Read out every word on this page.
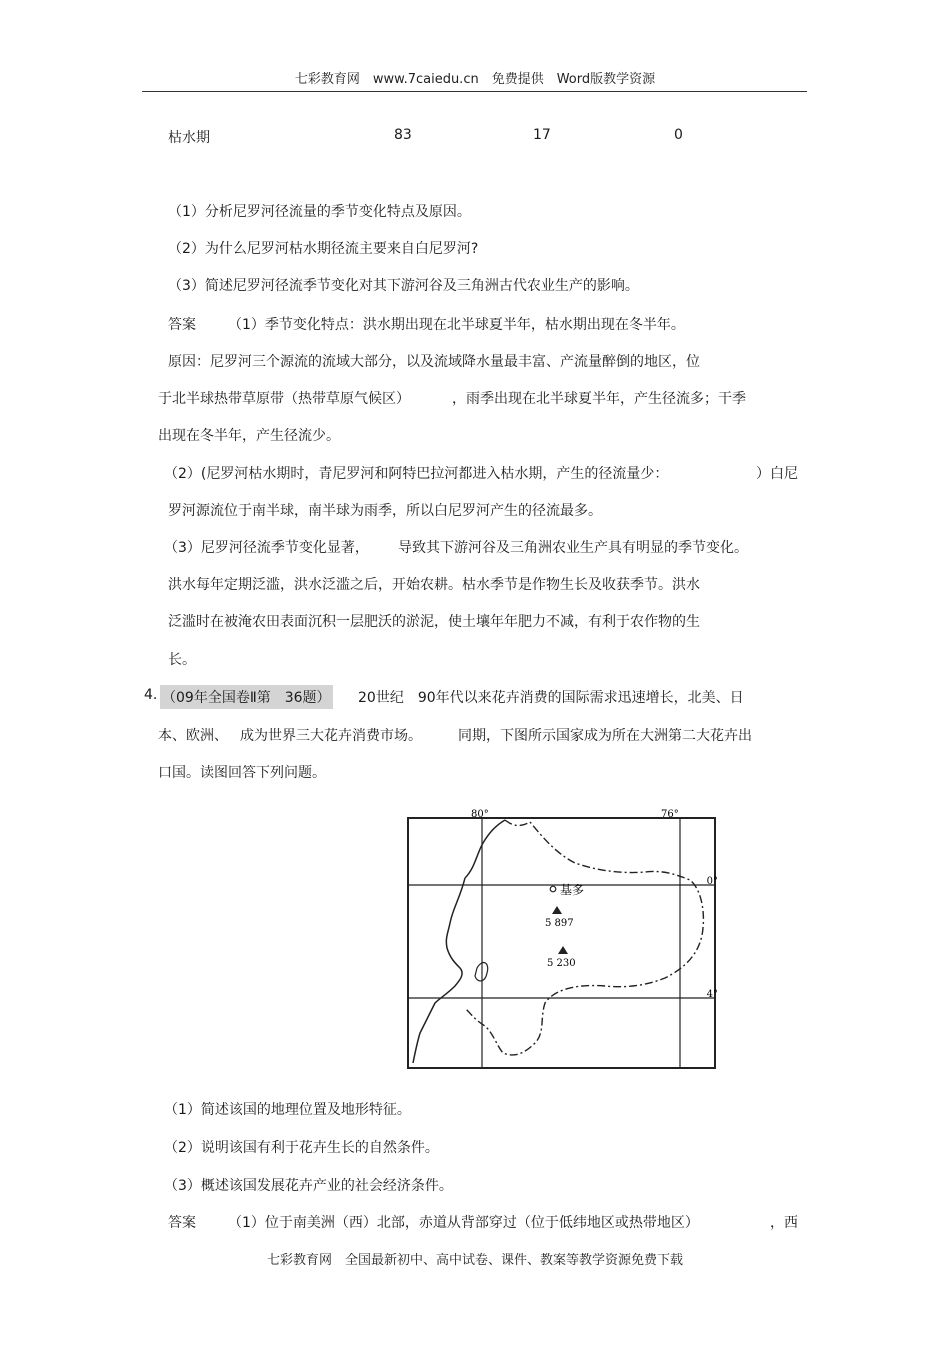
七彩教育网　www.7caiedu.cn　免费提供　Word版教学资源
枯水期	83	17	0
（1）分析尼罗河径流量的季节变化特点及原因。
（2）为什么尼罗河枯水期径流主要来自白尼罗河?
（3）简述尼罗河径流季节变化对其下游河谷及三角洲古代农业生产的影响。
答案 （1）季节变化特点：洪水期出现在北半球夏半年，枯水期出现在冬半年。
原因：尼罗河三个源流的流域大部分，以及流域降水量最丰富、产流量醉倒的地区，位
于北半球热带草原带（热带草原气候区）	，雨季出现在北半球夏半年，产生径流多；干季
出现在冬半年，产生径流少。
（2）(尼罗河枯水期时，青尼罗河和阿特巴拉河都进入枯水期，产生的径流量少：	）白尼
罗河源流位于南半球，南半球为雨季，所以白尼罗河产生的径流最多。
（3）尼罗河径流季节变化显著， 导致其下游河谷及三角洲农业生产具有明显的季节变化。
洪水每年定期泛滥，洪水泛滥之后，开始农耕。枯水季节是作物生长及收获季节。洪水
泛滥时在被淹农田表面沉积一层肥沃的淤泥，使土壤年年肥力不减，有利于农作物的生
长。
4. （09年全国卷Ⅱ第　36题） 20世纪　90年代以来花卉消费的国际需求迅速增长，北美、日
本、欧洲、 成为世界三大花卉消费市场。	同期，下图所示国家成为所在大洲第二大花卉出
口国。读图回答下列问题。
80°	76°
0°
4°
基多
5 897
5 230
（1）简述该国的地理位置及地形特征。
（2）说明该国有利于花卉生长的自然条件。
（3）概述该国发展花卉产业的社会经济条件。
答案 （1）位于南美洲（西）北部，赤道从背部穿过（位于低纬地区或热带地区）	，西
七彩教育网　全国最新初中、高中试卷、课件、教案等教学资源免费下载
